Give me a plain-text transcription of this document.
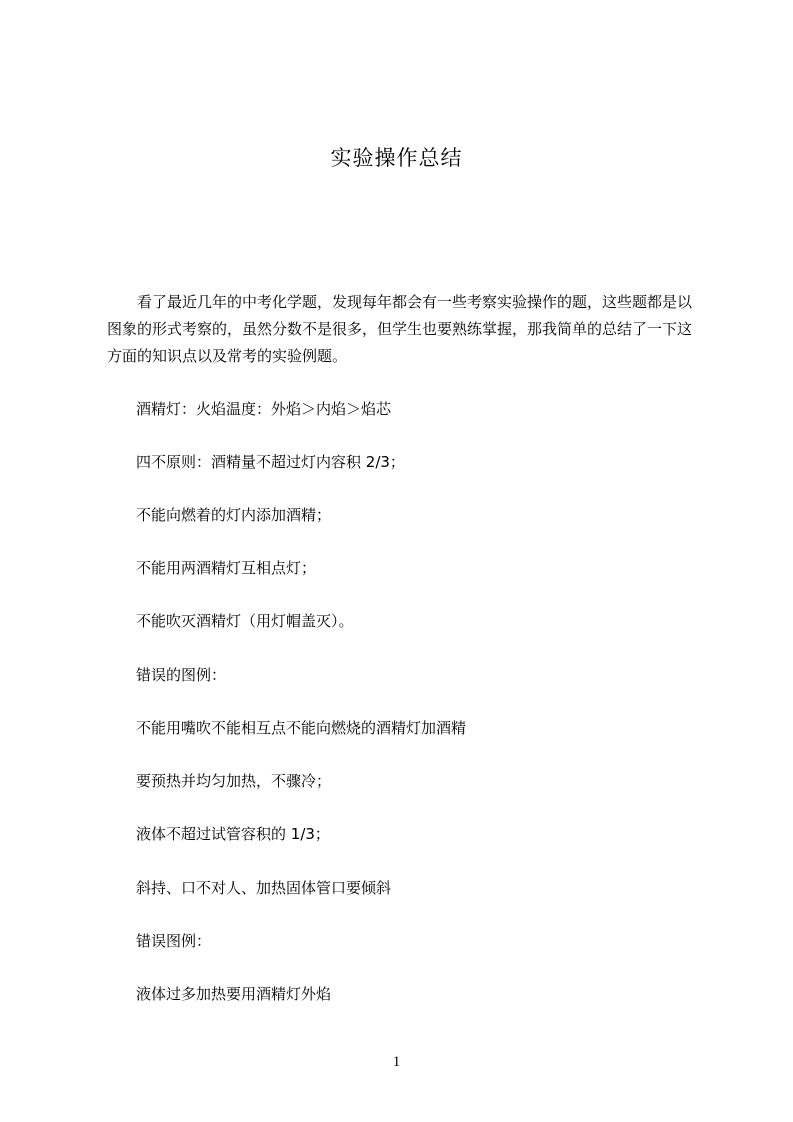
实验操作总结

看了最近几年的中考化学题，发现每年都会有一些考察实验操作的题，这些题都是以图象的形式考察的，虽然分数不是很多，但学生也要熟练掌握，那我简单的总结了一下这方面的知识点以及常考的实验例题。

酒精灯：火焰温度：外焰＞内焰＞焰芯

四不原则：酒精量不超过灯内容积 2/3；

不能向燃着的灯内添加酒精；

不能用两酒精灯互相点灯；

不能吹灭酒精灯（用灯帽盖灭）。

错误的图例：

不能用嘴吹不能相互点不能向燃烧的酒精灯加酒精

要预热并均匀加热，不骤冷；

液体不超过试管容积的 1/3；

斜持、口不对人、加热固体管口要倾斜

错误图例：

液体过多加热要用酒精灯外焰

1
